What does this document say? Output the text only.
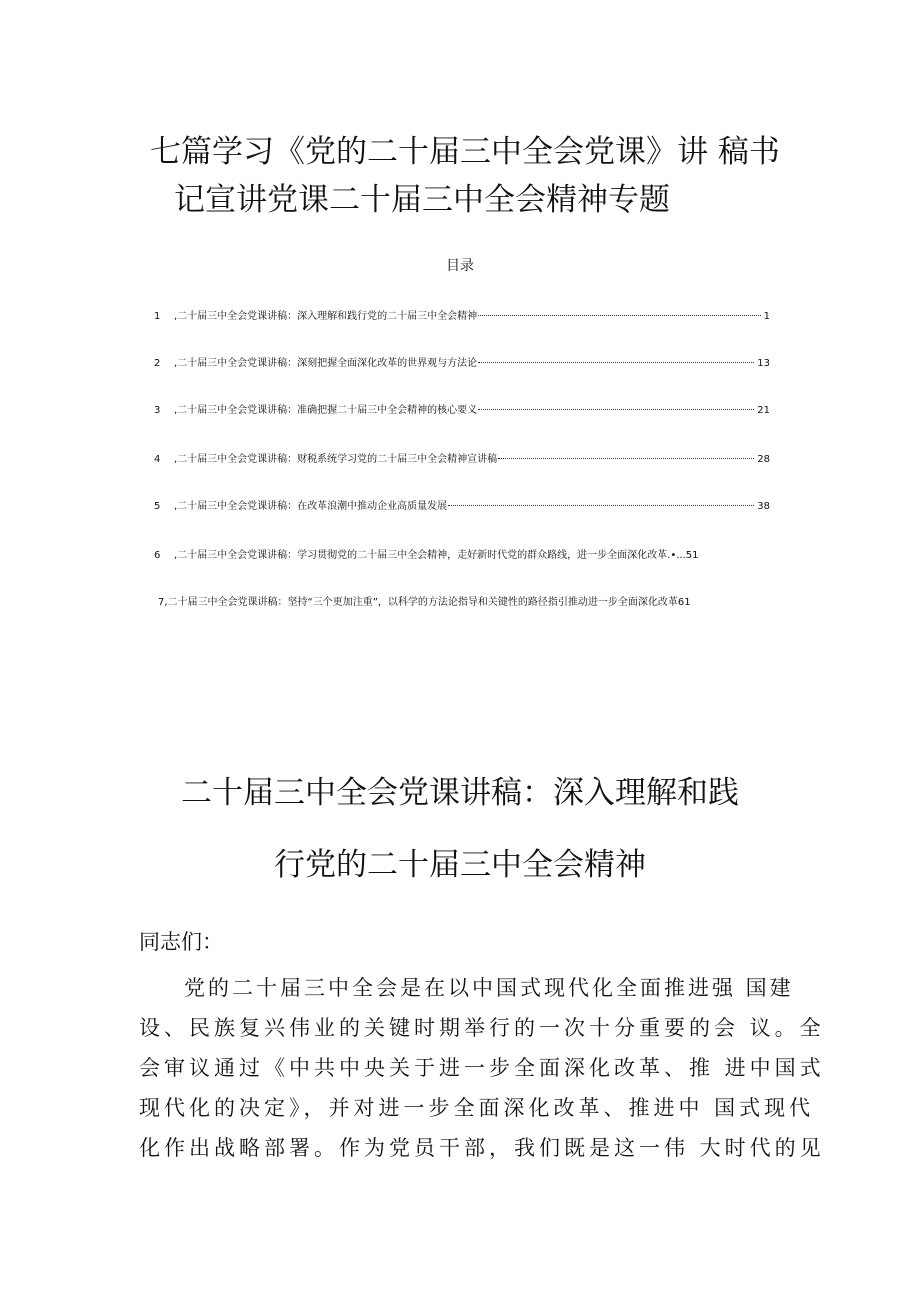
七篇学习《党的二十届三中全会党课》讲 稿书
记宣讲党课二十届三中全会精神专题
目录
1	,二十届三中全会党课讲稿：深入理解和践行党的二十届三中全会精神	1
2	,二十届三中全会党课讲稿：深刻把握全面深化改革的世界观与方法论	13
3	,二十届三中全会党课讲稿：准确把握二十届三中全会精神的核心要义	21
4	,二十届三中全会党课讲稿：财税系统学习党的二十届三中全会精神宣讲稿	28
5	,二十届三中全会党课讲稿：在改革浪潮中推动企业高质量发展	38
6	,二十届三中全会党课讲稿：学习贯彻党的二十届三中全会精神，走好新时代党的群众路线，进一步全面深化改革.•...51
7,二十届三中全会党课讲稿：坚持“三个更加注重”，以科学的方法论指导和关键性的路径指引推动进一步全面深化改革61
二十届三中全会党课讲稿：深入理解和践
行党的二十届三中全会精神
同志们：
党的二十届三中全会是在以中国式现代化全面推进强 国建
设、民族复兴伟业的关键时期举行的一次十分重要的会 议。全
会审议通过《中共中央关于进一步全面深化改革、推 进中国式
现代化的决定》，并对进一步全面深化改革、推进中 国式现代
化作出战略部署。作为党员干部，我们既是这一伟 大时代的见
